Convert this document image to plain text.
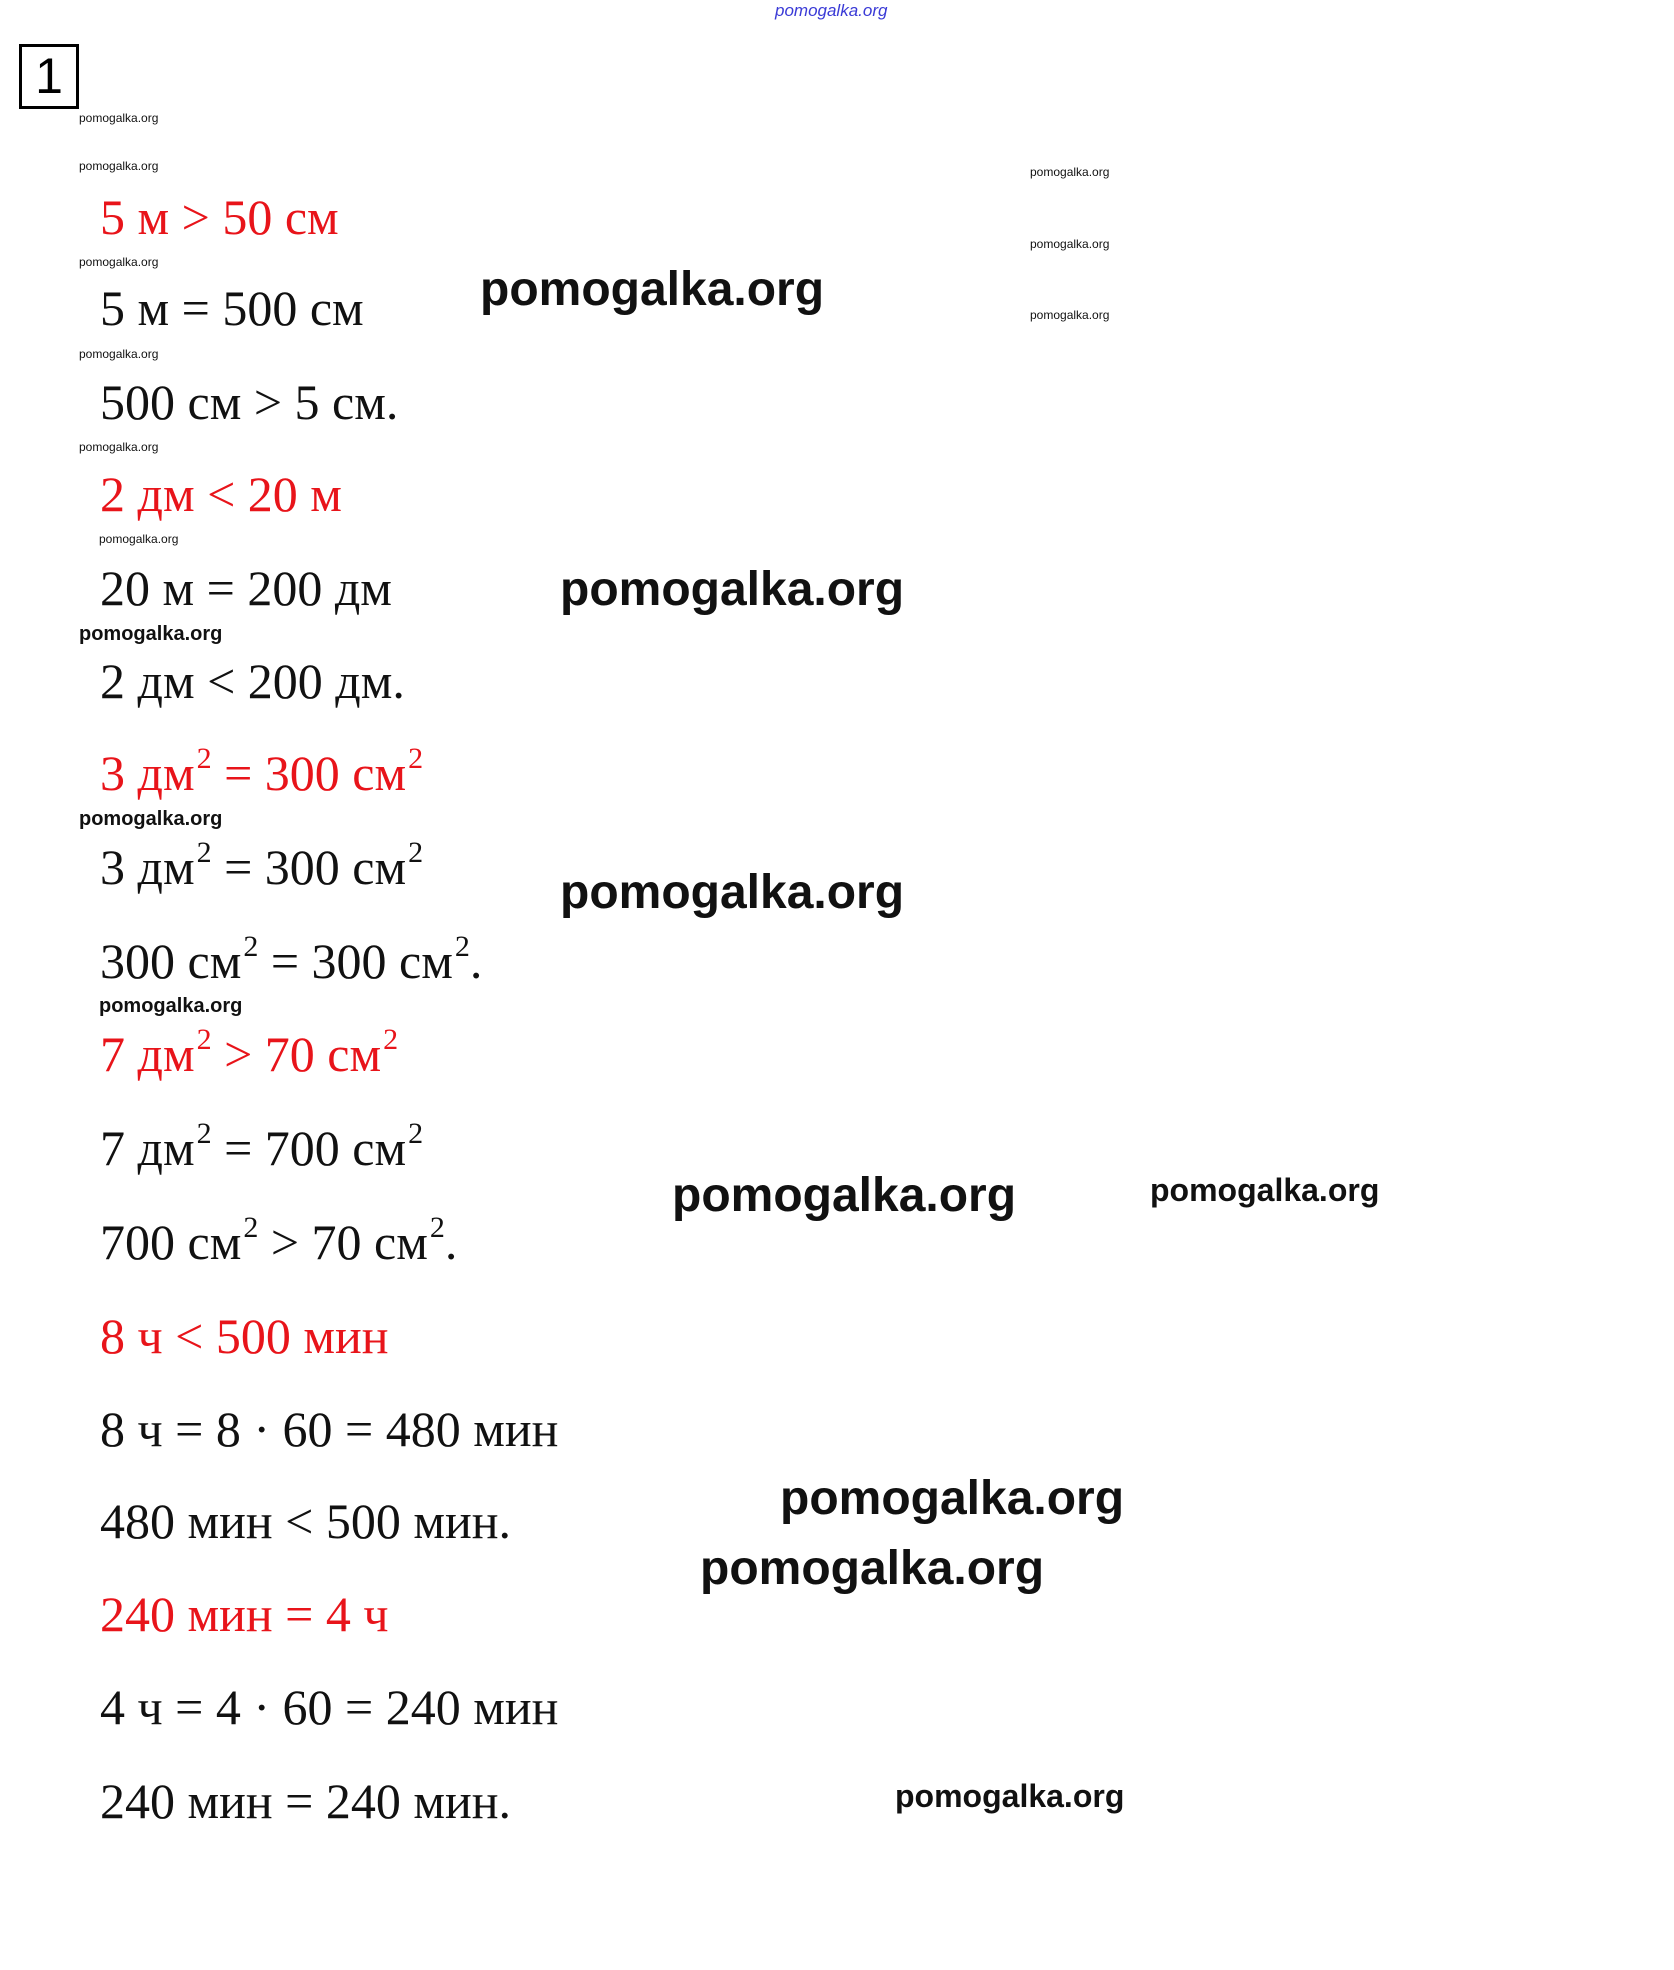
1
5 м > 50 см
5 м = 500 см
500 см > 5 см.
2 дм < 20 м
20 м = 200 дм
2 дм < 200 дм.
3 $дм^2 = 300$ $см^2$
3 $дм^2 = 300$ $см^2$
300 $см^2 = 300$ $см^2$.
7 $дм^2 > 70$ $см^2$
7 $дм^2 = 700$ $см^2$
700 $см^2 > 70$ $см^2$.
8 ч < 500 мин
8 ч = 8 · 60 = 480 мин
480 мин < 500 мин.
240 мин = 4 ч
4 ч = 4 · 60 = 240 мин
240 мин = 240 мин.
pomogalka.org
pomogalka.org
pomogalka.org
pomogalka.org
pomogalka.org
pomogalka.org
pomogalka.org
pomogalka.org
pomogalka.org
pomogalka.org
pomogalka.org
pomogalka.org
pomogalka.org
pomogalka.org
pomogalka.org
pomogalka.org
pomogalka.org
pomogalka.org
pomogalka.org
pomogalka.org
pomogalka.org
